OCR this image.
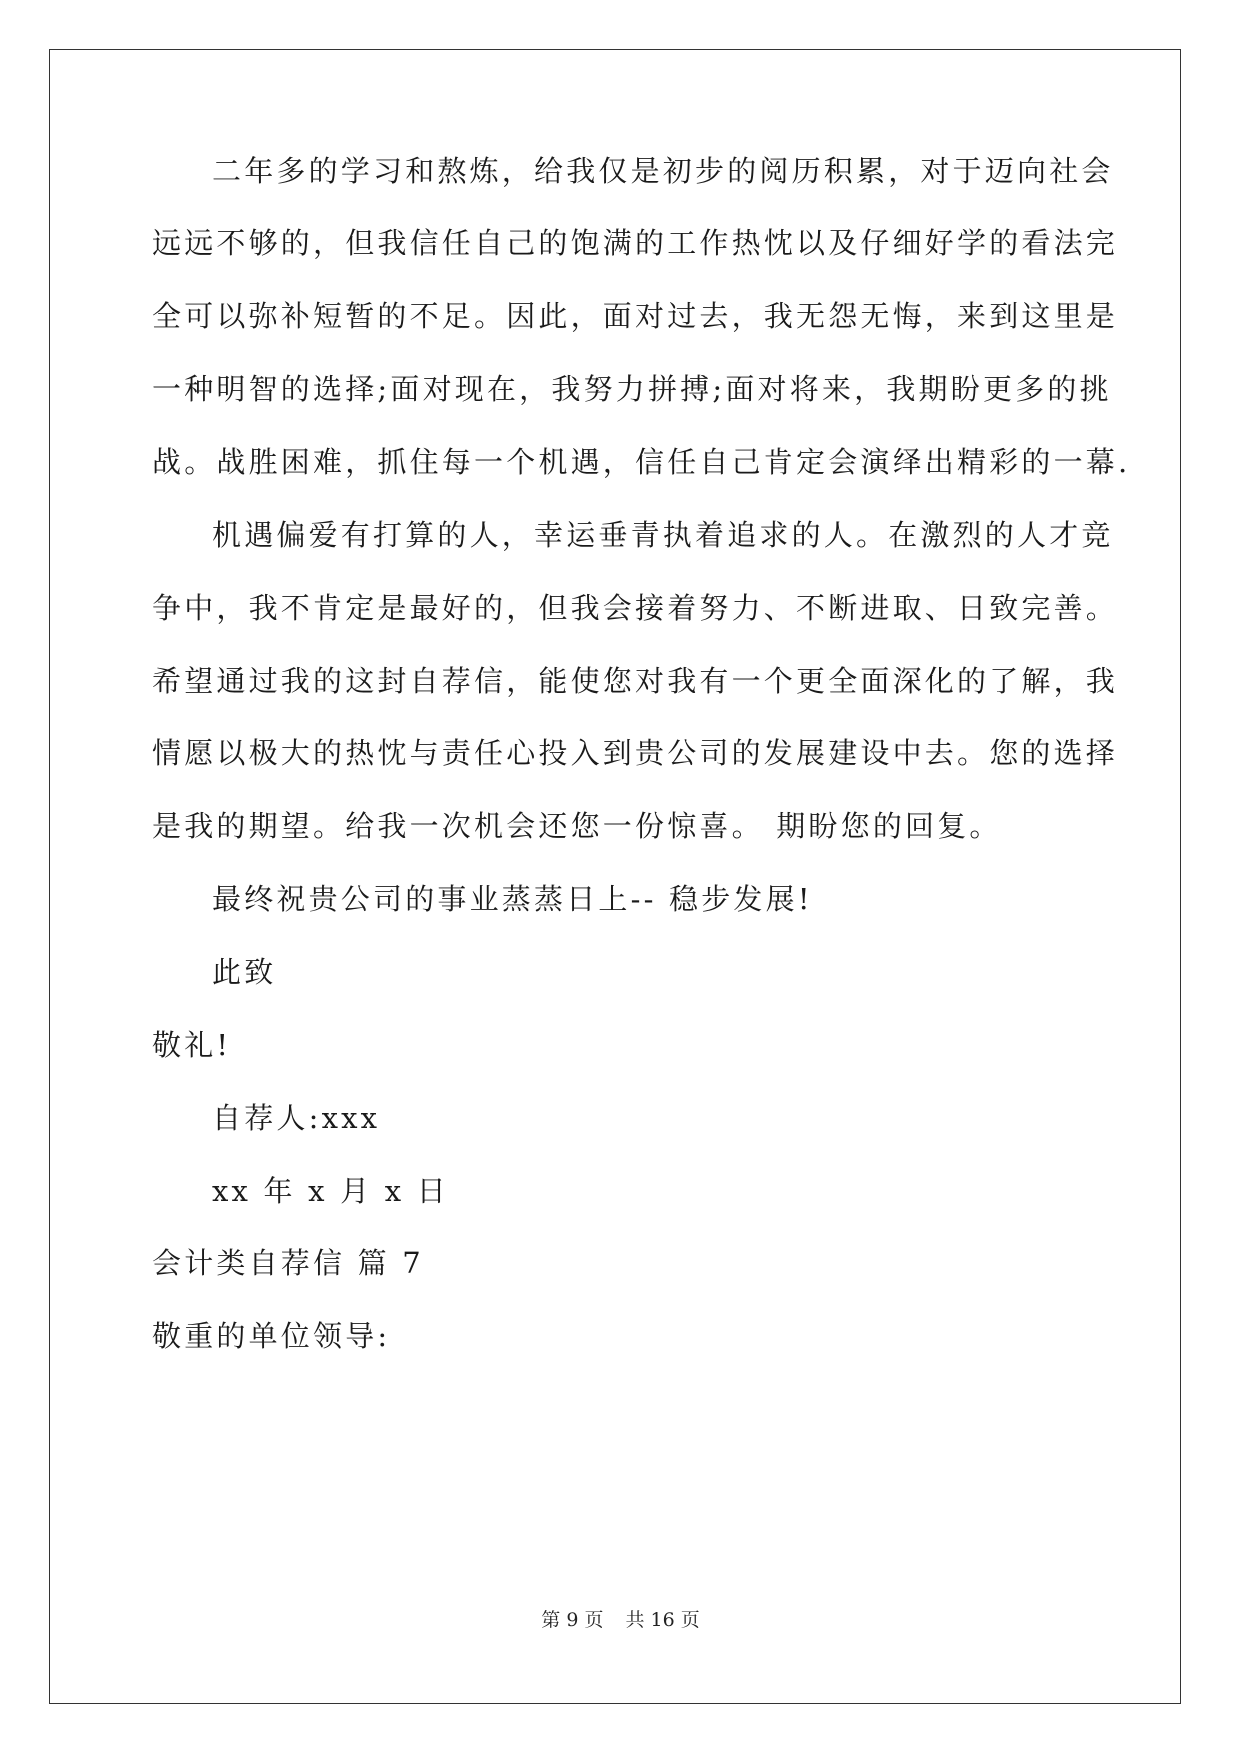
二年多的学习和熬炼，给我仅是初步的阅历积累，对于迈向社会
远远不够的，但我信任自己的饱满的工作热忱以及仔细好学的看法完
全可以弥补短暂的不足。因此，面对过去，我无怨无悔，来到这里是
一种明智的选择;面对现在，我努力拼搏;面对将来，我期盼更多的挑
战。战胜困难，抓住每一个机遇，信任自己肯定会演绎出精彩的一幕.
机遇偏爱有打算的人，幸运垂青执着追求的人。在激烈的人才竞
争中，我不肯定是最好的，但我会接着努力、不断进取、日致完善。
希望通过我的这封自荐信，能使您对我有一个更全面深化的了解，我
情愿以极大的热忱与责任心投入到贵公司的发展建设中去。您的选择
是我的期望。给我一次机会还您一份惊喜。 期盼您的回复。
最终祝贵公司的事业蒸蒸日上-- 稳步发展!
此致
敬礼!
自荐人:xxx
xx 年 x 月 x 日
会计类自荐信 篇 7
敬重的单位领导:
第 9 页 共 16 页
